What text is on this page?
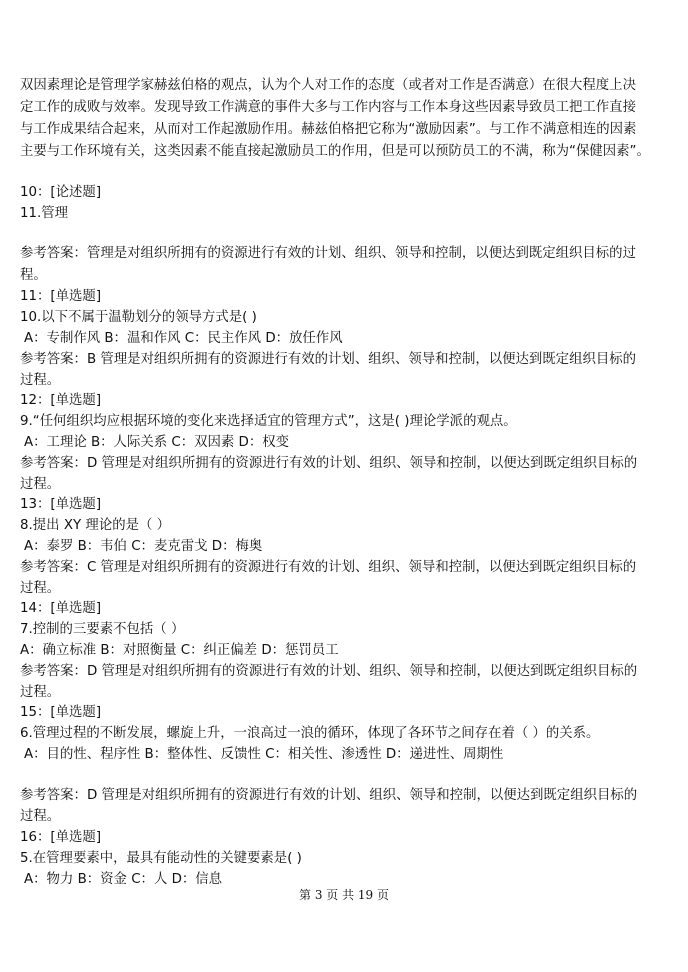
双因素理论是管理学家赫兹伯格的观点，认为个人对工作的态度（或者对工作是否满意）在很大程度上决
定工作的成败与效率。发现导致工作满意的事件大多与工作内容与工作本身这些因素导致员工把工作直接
与工作成果结合起来，从而对工作起激励作用。赫兹伯格把它称为“激励因素”。与工作不满意相连的因素
主要与工作环境有关，这类因素不能直接起激励员工的作用，但是可以预防员工的不满，称为“保健因素”。
10：[论述题]
11.管理
参考答案：管理是对组织所拥有的资源进行有效的计划、组织、领导和控制，以便达到既定组织目标的过
程。
11：[单选题]
10.以下不属于温勒划分的领导方式是( )
A：专制作风 B：温和作风 C：民主作风 D：放任作风
参考答案：B 管理是对组织所拥有的资源进行有效的计划、组织、领导和控制，以便达到既定组织目标的
过程。
12：[单选题]
9.“任何组织均应根据环境的变化来选择适宜的管理方式”，这是( )理论学派的观点。
A：工理论 B：人际关系 C：双因素 D：权变
参考答案：D 管理是对组织所拥有的资源进行有效的计划、组织、领导和控制，以便达到既定组织目标的
过程。
13：[单选题]
8.提出 XY 理论的是（ ）
A：泰罗 B：韦伯 C：麦克雷戈 D：梅奥
参考答案：C 管理是对组织所拥有的资源进行有效的计划、组织、领导和控制，以便达到既定组织目标的
过程。
14：[单选题]
7.控制的三要素不包括（ ）
A：确立标准 B：对照衡量 C：纠正偏差 D：惩罚员工
参考答案：D 管理是对组织所拥有的资源进行有效的计划、组织、领导和控制，以便达到既定组织目标的
过程。
15：[单选题]
6.管理过程的不断发展，螺旋上升，一浪高过一浪的循环，体现了各环节之间存在着（ ）的关系。
A：目的性、程序性 B：整体性、反馈性 C：相关性、渗透性 D：递进性、周期性
参考答案：D 管理是对组织所拥有的资源进行有效的计划、组织、领导和控制，以便达到既定组织目标的
过程。
16：[单选题]
5.在管理要素中，最具有能动性的关键要素是( )
A：物力 B：资金 C：人 D：信息
第 3 页 共 19 页
